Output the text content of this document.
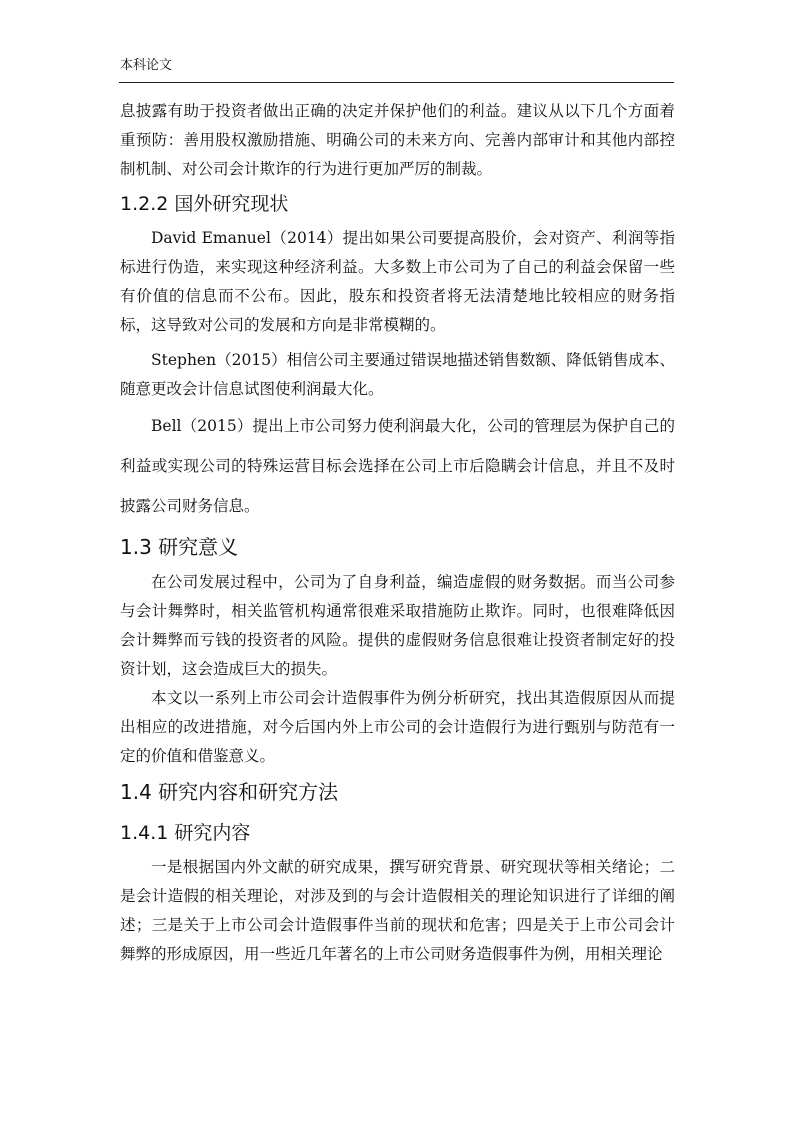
本科论文

息披露有助于投资者做出正确的决定并保护他们的利益。建议从以下几个方面着重预防：善用股权激励措施、明确公司的未来方向、完善内部审计和其他内部控制机制、对公司会计欺诈的行为进行更加严厉的制裁。

1.2.2 国外研究现状

David Emanuel（2014）提出如果公司要提高股价，会对资产、利润等指标进行伪造，来实现这种经济利益。大多数上市公司为了自己的利益会保留一些有价值的信息而不公布。因此，股东和投资者将无法清楚地比较相应的财务指标，这导致对公司的发展和方向是非常模糊的。

Stephen（2015）相信公司主要通过错误地描述销售数额、降低销售成本、随意更改会计信息试图使利润最大化。

Bell（2015）提出上市公司努力使利润最大化，公司的管理层为保护自己的利益或实现公司的特殊运营目标会选择在公司上市后隐瞒会计信息，并且不及时披露公司财务信息。

1.3 研究意义

在公司发展过程中，公司为了自身利益，编造虚假的财务数据。而当公司参与会计舞弊时，相关监管机构通常很难采取措施防止欺诈。同时，也很难降低因会计舞弊而亏钱的投资者的风险。提供的虚假财务信息很难让投资者制定好的投资计划，这会造成巨大的损失。

本文以一系列上市公司会计造假事件为例分析研究，找出其造假原因从而提出相应的改进措施，对今后国内外上市公司的会计造假行为进行甄别与防范有一定的价值和借鉴意义。

1.4 研究内容和研究方法
1.4.1 研究内容

一是根据国内外文献的研究成果，撰写研究背景、研究现状等相关绪论；二是会计造假的相关理论，对涉及到的与会计造假相关的理论知识进行了详细的阐述；三是关于上市公司会计造假事件当前的现状和危害；四是关于上市公司会计舞弊的形成原因，用一些近几年著名的上市公司财务造假事件为例，用相关理论
